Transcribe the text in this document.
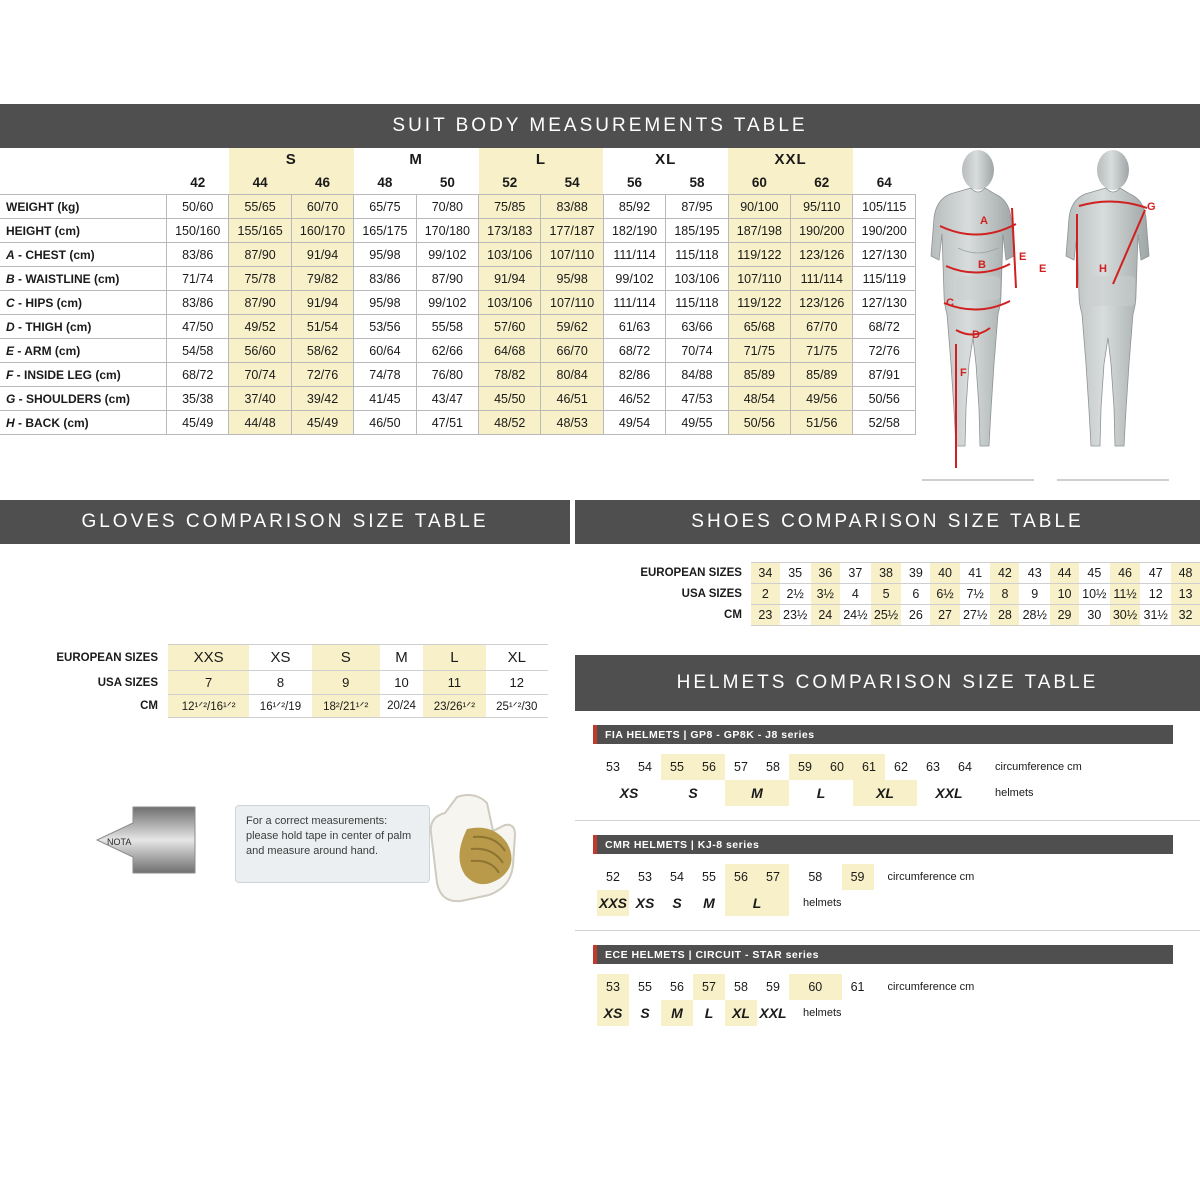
SUIT BODY MEASUREMENTS TABLE
		S		M		L		XL		XXL		
	42	44	46	48	50	52	54	56	58	60	62	64
WEIGHT (kg)	50/60	55/65	60/70	65/75	70/80	75/85	83/88	85/92	87/95	90/100	95/110	105/115
HEIGHT (cm)	150/160	155/165	160/170	165/175	170/180	173/183	177/187	182/190	185/195	187/198	190/200	190/200
A - CHEST (cm)	83/86	87/90	91/94	95/98	99/102	103/106	107/110	111/114	115/118	119/122	123/126	127/130
B - WAISTLINE (cm)	71/74	75/78	79/82	83/86	87/90	91/94	95/98	99/102	103/106	107/110	111/114	115/119
C - HIPS (cm)	83/86	87/90	91/94	95/98	99/102	103/106	107/110	111/114	115/118	119/122	123/126	127/130
D - THIGH (cm)	47/50	49/52	51/54	53/56	55/58	57/60	59/62	61/63	63/66	65/68	67/70	68/72
E - ARM (cm)	54/58	56/60	58/62	60/64	62/66	64/68	66/70	68/72	70/74	71/75	71/75	72/76
F - INSIDE LEG (cm)	68/72	70/74	72/76	74/78	76/80	78/82	80/84	82/86	84/88	85/89	85/89	87/91
G - SHOULDERS (cm)	35/38	37/40	39/42	41/45	43/47	45/50	46/51	46/52	47/53	48/54	49/56	50/56
H - BACK (cm)	45/49	44/48	45/49	46/50	47/51	48/52	48/53	49/54	49/55	50/56	51/56	52/58
A
B
C
D
E
F
G
E	H
GLOVES COMPARISON SIZE TABLE
EUROPEAN SIZES	XXS	XS	S	M	L	XL
USA SIZES	7	8	9	10	11	12
CM	12¹ᐟ²/16¹ᐟ²	16¹ᐟ²/19	18²/21¹ᐟ²	20/24	23/26¹ᐟ²	25¹ᐟ²/30
NOTA
For a correct measurements: please hold tape in center of palm and measure around hand.
SHOES COMPARISON SIZE TABLE
EUROPEAN SIZES	34	35	36	37	38	39	40	41	42	43	44	45	46	47	48
USA SIZES	2	2½	3½	4	5	6	6½	7½	8	9	10	10½	11½	12	13
CM	23	23½	24	24½	25½	26	27	27½	28	28½	29	30	30½	31½	32
HELMETS COMPARISON SIZE TABLE
FIA HELMETS | GP8 - GP8K - J8 series
53	54	55	56	57	58	59	60	61	62	63	64	circumference cm
XS		S		M		L		XL		XXL		helmets
CMR HELMETS | KJ-8 series
52	53	54	55	56	57	58	59	circumference cm
XXS	XS	S	M	L		helmets		
ECE HELMETS | CIRCUIT - STAR series
53	55	56	57	58	59	60	61	circumference cm
XS	S	M	L	XL	XXL	helmets		
